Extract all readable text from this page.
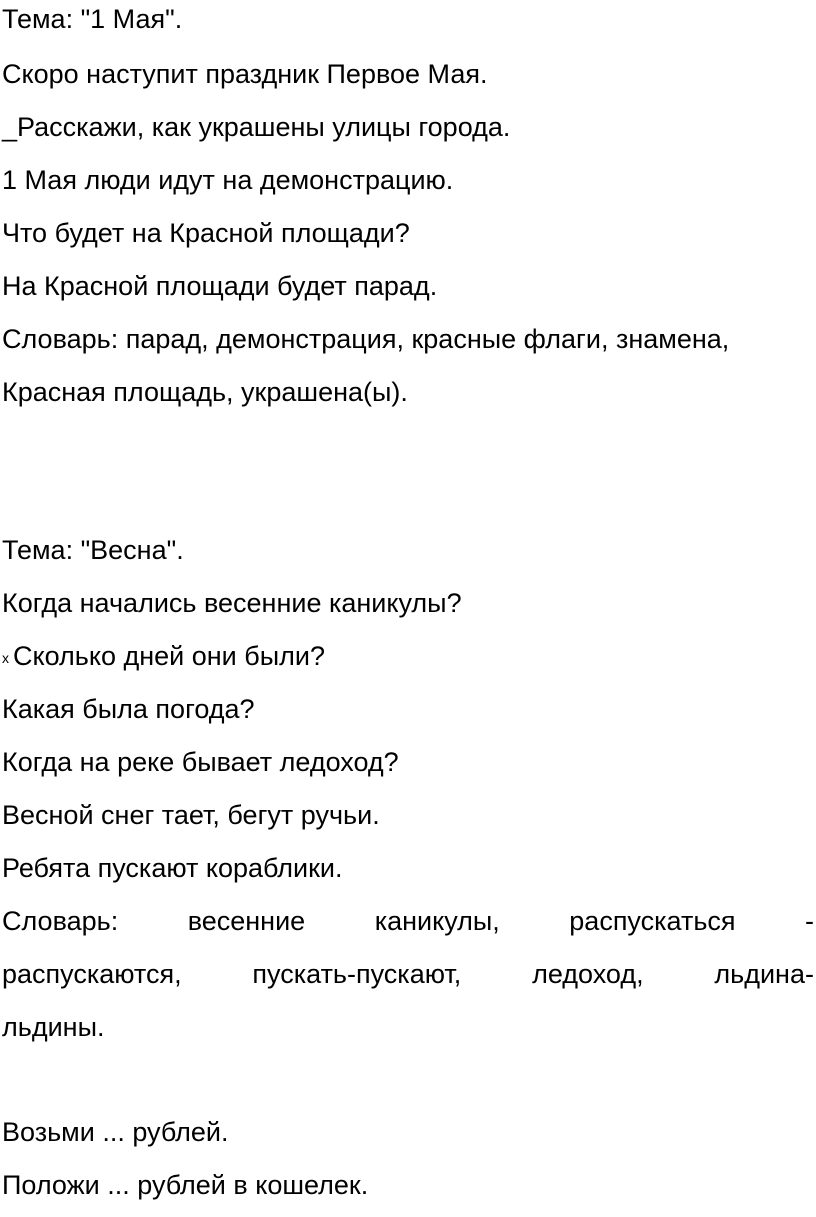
Тема: "1 Мая".
Скоро наступит праздник Первое Мая.
_Расскажи, как украшены улицы города.
1 Мая люди идут на демонстрацию.
Что будет на Красной площади?
На Красной площади будет парад.
Словарь: парад, демонстрация, красные флаги, знамена,
Красная площадь, украшена(ы).
Тема: "Весна".
Когда начались весенние каникулы?
$^x$ Сколько дней они были?
Какая была погода?
Когда на реке бывает ледоход?
Весной снег тает, бегут ручьи.
Ребята пускают кораблики.
Словарь:	весенние	каникулы,	распускаться	-
распускаются,	пускать-пускают,	ледоход,	льдина-
льдины.
Возьми ... рублей.
Положи ... рублей в кошелек.
